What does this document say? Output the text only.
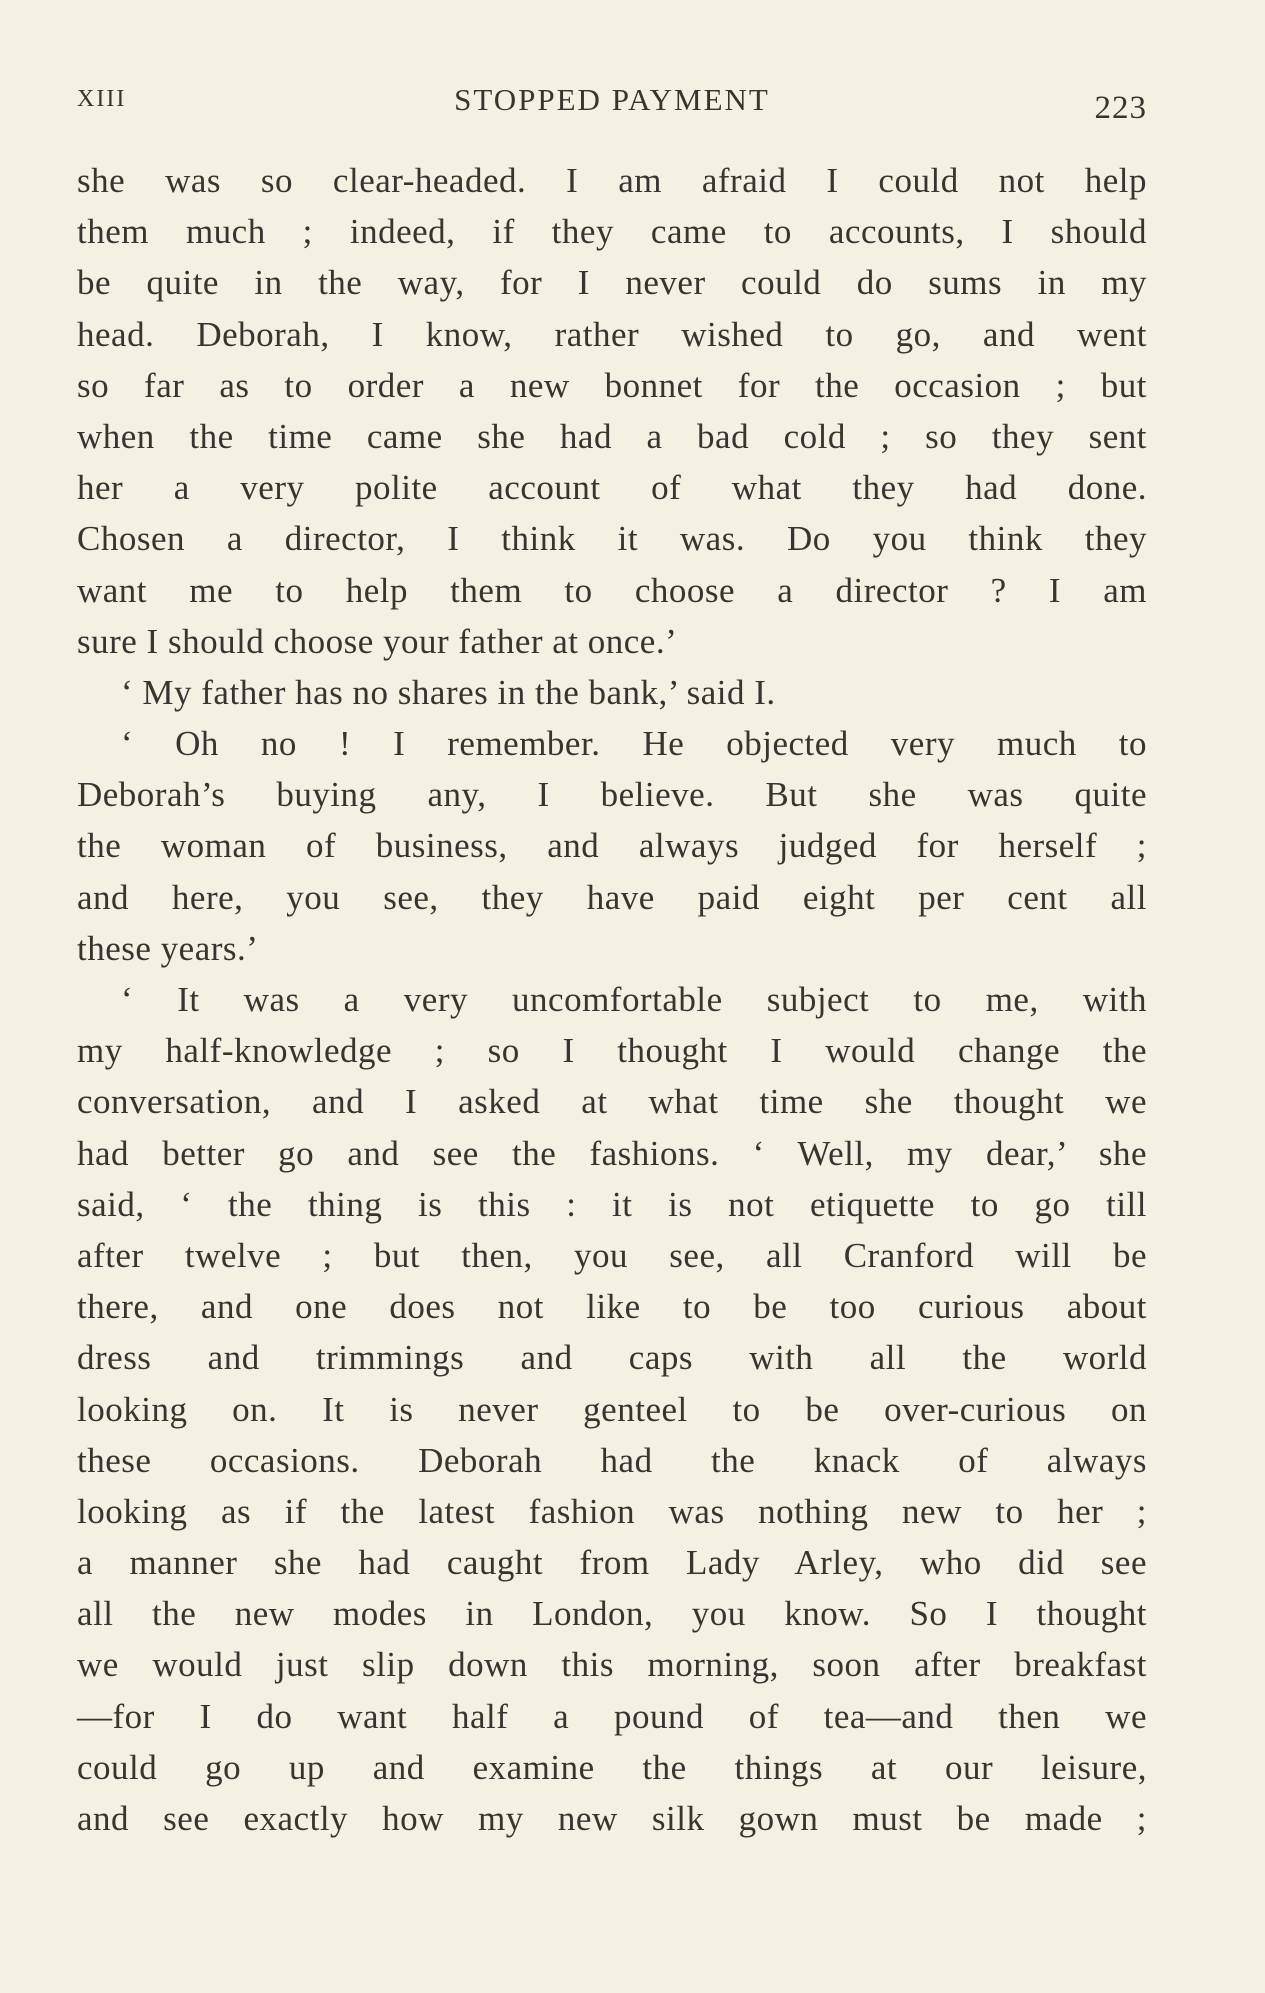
XIII	STOPPED PAYMENT	223
she was so clear-headed. I am afraid I could not help
them much ; indeed, if they came to accounts, I should
be quite in the way, for I never could do sums in my
head. Deborah, I know, rather wished to go, and went
so far as to order a new bonnet for the occasion ; but
when the time came she had a bad cold ; so they sent
her a very polite account of what they had done.
Chosen a director, I think it was. Do you think they
want me to help them to choose a director ? I am
sure I should choose your father at once.’
‘ My father has no shares in the bank,’ said I.
‘ Oh no ! I remember. He objected very much to
Deborah’s buying any, I believe. But she was quite
the woman of business, and always judged for herself ;
and here, you see, they have paid eight per cent all
these years.’
‘ It was a very uncomfortable subject to me, with
my half-knowledge ; so I thought I would change the
conversation, and I asked at what time she thought we
had better go and see the fashions. ‘ Well, my dear,’ she
said, ‘ the thing is this : it is not etiquette to go till
after twelve ; but then, you see, all Cranford will be
there, and one does not like to be too curious about
dress and trimmings and caps with all the world
looking on. It is never genteel to be over-curious on
these occasions. Deborah had the knack of always
looking as if the latest fashion was nothing new to her ;
a manner she had caught from Lady Arley, who did see
all the new modes in London, you know. So I thought
we would just slip down this morning, soon after breakfast
—for I do want half a pound of tea—and then we
could go up and examine the things at our leisure,
and see exactly how my new silk gown must be made ;
